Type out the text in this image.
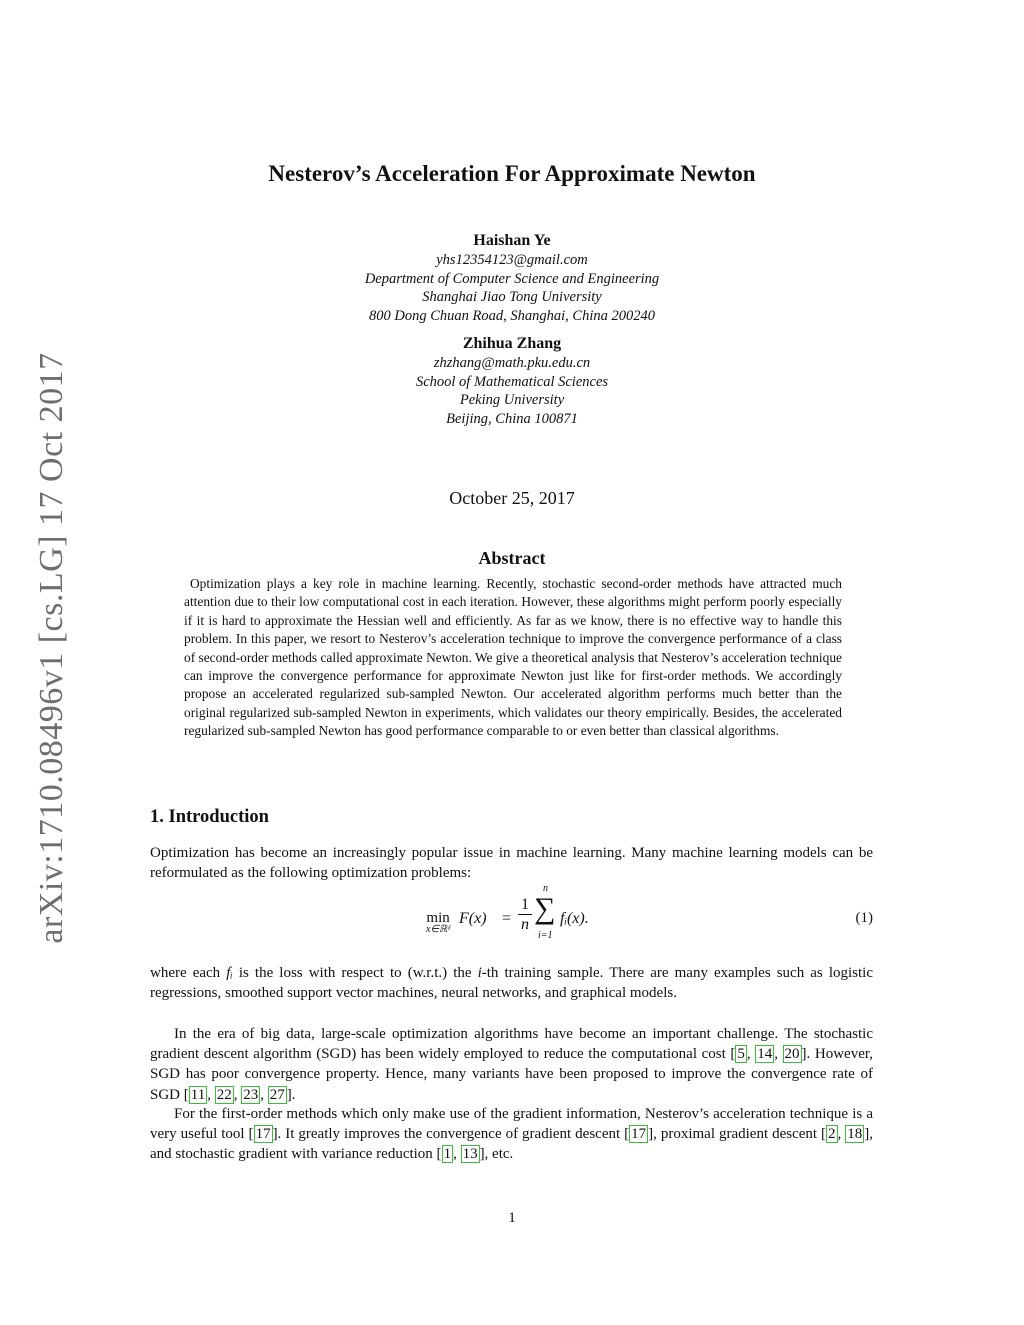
arXiv:1710.08496v1 [cs.LG] 17 Oct 2017
Nesterov’s Acceleration For Approximate Newton
Haishan Ye
yhs12354123@gmail.com
Department of Computer Science and Engineering
Shanghai Jiao Tong University
800 Dong Chuan Road, Shanghai, China 200240
Zhihua Zhang
zhzhang@math.pku.edu.cn
School of Mathematical Sciences
Peking University
Beijing, China 100871
October 25, 2017
Abstract
Optimization plays a key role in machine learning. Recently, stochastic second-order methods have attracted much attention due to their low computational cost in each iteration. However, these algorithms might perform poorly especially if it is hard to approximate the Hessian well and efficiently. As far as we know, there is no effective way to handle this problem. In this paper, we resort to Nesterov’s acceleration technique to improve the convergence performance of a class of second-order methods called approximate Newton. We give a theoretical analysis that Nesterov’s acceleration technique can improve the convergence performance for approximate Newton just like for first-order methods. We accordingly propose an accelerated regularized sub-sampled Newton. Our accelerated algorithm performs much better than the original regularized sub-sampled Newton in experiments, which validates our theory empirically. Besides, the accelerated regularized sub-sampled Newton has good performance comparable to or even better than classical algorithms.
1. Introduction
Optimization has become an increasingly popular issue in machine learning. Many machine learning models can be reformulated as the following optimization problems:
min
x∈ℝᵈ
$F(x) = \frac{1}{n}$
n
∑
i=1
fᵢ(x).	(1)
where each fᵢ is the loss with respect to (w.r.t.) the i-th training sample. There are many examples such as logistic regressions, smoothed support vector machines, neural networks, and graphical models.
In the era of big data, large-scale optimization algorithms have become an important challenge. The stochastic gradient descent algorithm (SGD) has been widely employed to reduce the computational cost [ 5 , 14 , 20 ]. However, SGD has poor convergence property. Hence, many variants have been proposed to improve the convergence rate of SGD [ 11 , 22 , 23 , 27 ].
For the first-order methods which only make use of the gradient information, Nesterov’s acceleration technique is a very useful tool [ 17 ]. It greatly improves the convergence of gradient descent [ 17 ], proximal gradient descent [ 2 , 18 ], and stochastic gradient with variance reduction [ 1 , 13 ], etc.
1
